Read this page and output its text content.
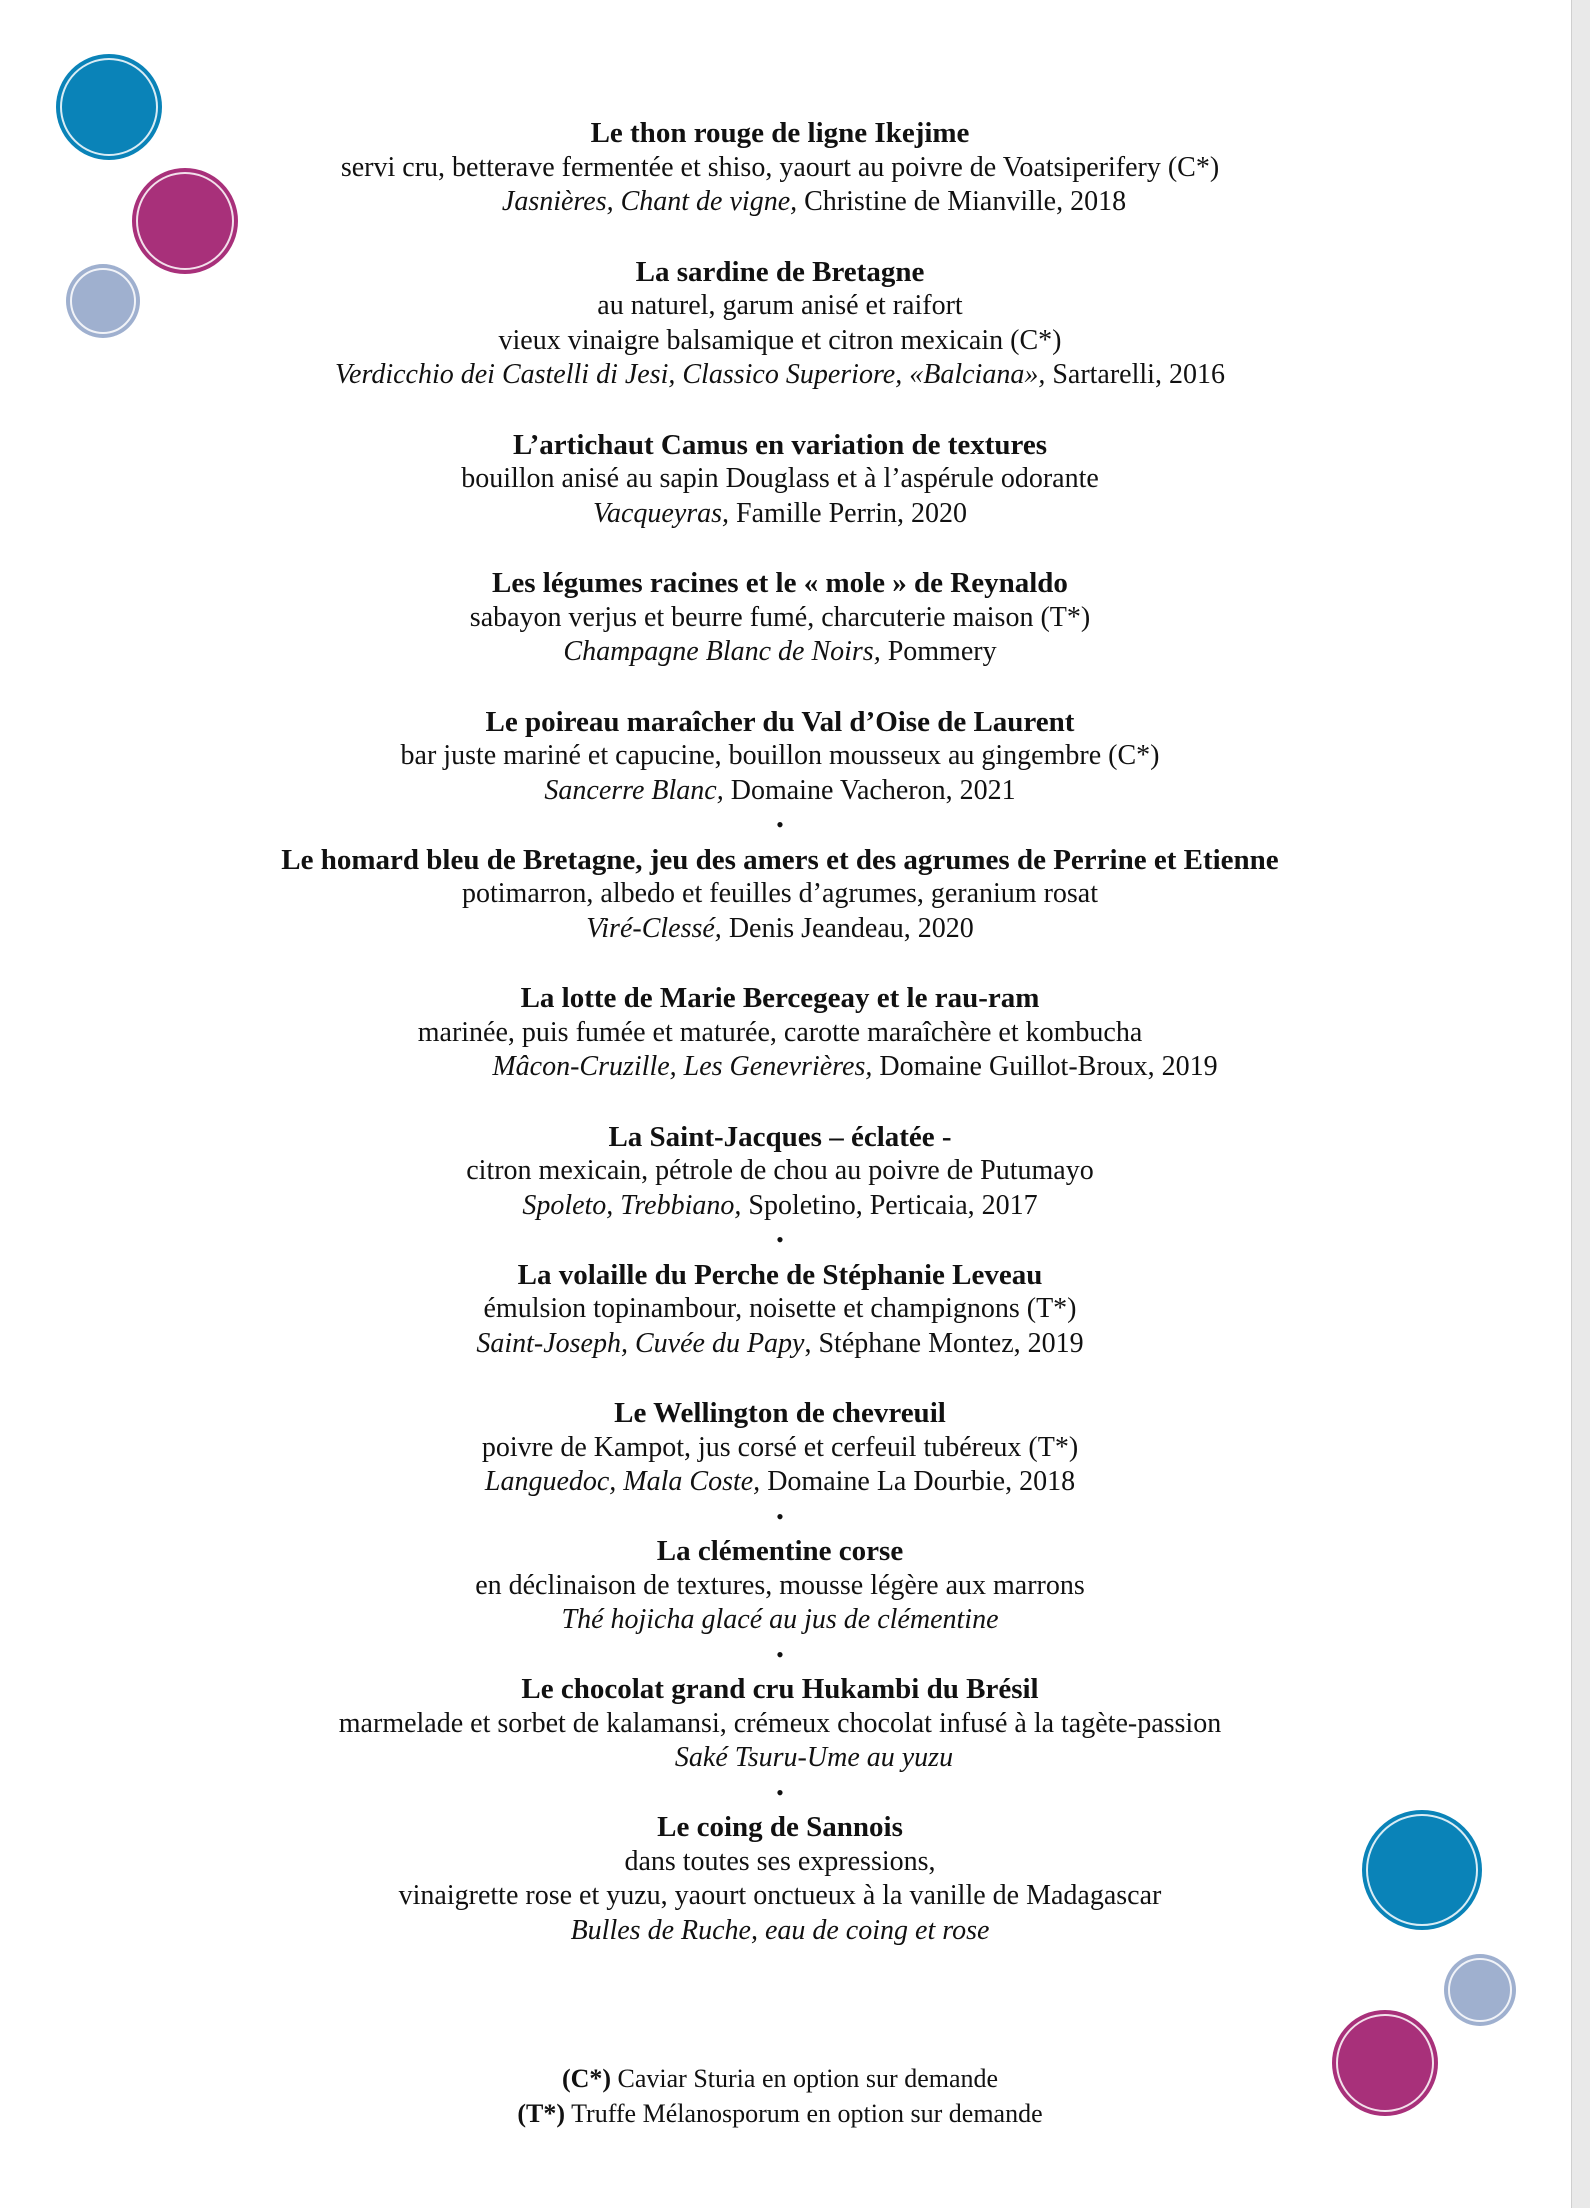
Le thon rouge de ligne Ikejime
servi cru, betterave fermentée et shiso, yaourt au poivre de Voatsiperifery (C*)
Jasnières, Chant de vigne, Christine de Mianville, 2018
La sardine de Bretagne
au naturel, garum anisé et raifort
vieux vinaigre balsamique et citron mexicain (C*)
Verdicchio dei Castelli di Jesi, Classico Superiore, «Balciana», Sartarelli, 2016
L’artichaut Camus en variation de textures
bouillon anisé au sapin Douglass et à l’aspérule odorante
Vacqueyras, Famille Perrin, 2020
Les légumes racines et le « mole » de Reynaldo
sabayon verjus et beurre fumé, charcuterie maison (T*)
Champagne Blanc de Noirs, Pommery
Le poireau maraîcher du Val d’Oise de Laurent
bar juste mariné et capucine, bouillon mousseux au gingembre (C*)
Sancerre Blanc, Domaine Vacheron, 2021
•
Le homard bleu de Bretagne, jeu des amers et des agrumes de Perrine et Etienne
potimarron, albedo et feuilles d’agrumes, geranium rosat
Viré-Clessé, Denis Jeandeau, 2020
La lotte de Marie Bercegeay et le rau-ram
marinée, puis fumée et maturée, carotte maraîchère et kombucha
Mâcon-Cruzille, Les Genevrières, Domaine Guillot-Broux, 2019
La Saint-Jacques – éclatée -
citron mexicain, pétrole de chou au poivre de Putumayo
Spoleto, Trebbiano, Spoletino, Perticaia, 2017
•
La volaille du Perche de Stéphanie Leveau
émulsion topinambour, noisette et champignons (T*)
Saint-Joseph, Cuvée du Papy, Stéphane Montez, 2019
Le Wellington de chevreuil
poivre de Kampot, jus corsé et cerfeuil tubéreux (T*)
Languedoc, Mala Coste, Domaine La Dourbie, 2018
•
La clémentine corse
en déclinaison de textures, mousse légère aux marrons
Thé hojicha glacé au jus de clémentine
•
Le chocolat grand cru Hukambi du Brésil
marmelade et sorbet de kalamansi, crémeux chocolat infusé à la tagète-passion
Saké Tsuru-Ume au yuzu
•
Le coing de Sannois
dans toutes ses expressions,
vinaigrette rose et yuzu, yaourt onctueux à la vanille de Madagascar
Bulles de Ruche, eau de coing et rose
(C*) Caviar Sturia en option sur demande
(T*) Truffe Mélanosporum en option sur demande
